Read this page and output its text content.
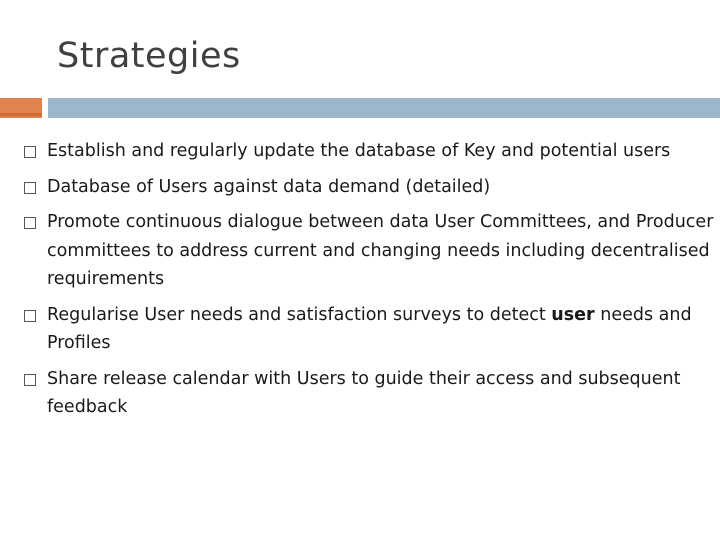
Strategies
Establish and regularly update the database of Key and potential users
Database of Users against data demand (detailed)
Promote continuous dialogue between data User Committees, and Producer committees to address current and changing needs including decentralised requirements
Regularise User needs and satisfaction surveys to detect user needs and Profiles
Share release calendar with Users to guide their access and subsequent feedback
